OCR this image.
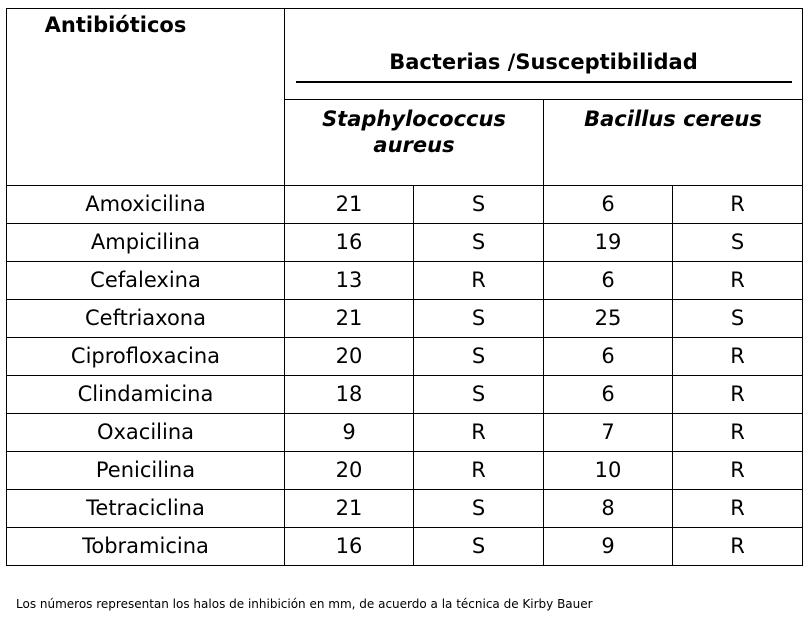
Antibióticos	Bacterias /Susceptibilidad			

	Staphylococcus aureus		Bacillus cereus	

Amoxicilina	21	S	6	R
Ampicilina	16	S	19	S
Cefalexina	13	R	6	R
Ceftriaxona	21	S	25	S
Ciprofloxacina	20	S	6	R
Clindamicina	18	S	6	R
Oxacilina	9	R	7	R
Penicilina	20	R	10	R
Tetraciclina	21	S	8	R
Tobramicina	16	S	9	R
Los números representan los halos de inhibición en mm, de acuerdo a la técnica de Kirby Bauer
